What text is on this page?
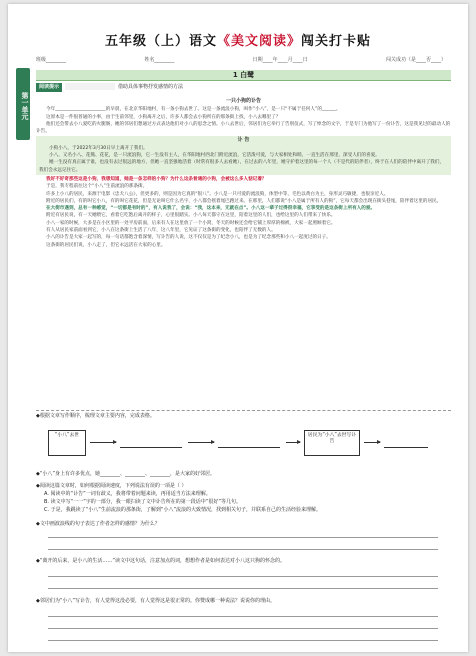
五年级（上）语文《美文阅读》闯关打卡贴
班级________	姓名________	日期____年____月____日	闯关成功（是____否____）
第一单元
1 白鹭
阅读提示	借助具体事物抒发感情的方法
一只小狗的讣告

今年______________________的早晨，在北京华阳地村，有一条小狗去世了。这是一条流浪小狗，叫作“小八”，是一只“不属于任何人”的______。

这原本是一件很普通的小事，由于生前邻里，小狗离开之后，许多人都会去小狗所在的那条街上找，小八去哪里了？

他们还会带去小八爱吃的火腿肠，她的邻居们想通过方式表达他们对小八的思念之情。小八去世后，邻居们为它举行了告别仪式，写了悼念的文字，于是专门为他写了一份讣告，这是我见过的最动人的讣告。

讣 告

小狗小八，于2022年3月30日早上离开了我们。

小八，又名小八、花熊、花花，是一只流浪狗，它一生没有主人，在华阳地村西北门附近流浪，它活泼可爱，与大家相处和睦，一直生活在那里，深受人们的喜爱。

她一生没有真正属于谁，也没有去过很远的地方，但她一直坚强地活着（时常有很多人去看她），在过去的八年里，她守护着这里的每一个人（不是代的陪伴者），终于在人们的陪伴中离开了我们，我们会永远记住它。

我好不好奇那些这是小狗，我想知道，她是一条怎样的小狗？为什么这条普通的小狗，会被这么多人惦记着？

于是，我专程前往这个“小八”生前流浪的那条街。

许多上小八的居民，来源于电影《忠犬八公》，但更多的，则是因为它真的“很八”。小八是一只可爱的流浪狗，体型中等，毛色以黄白为主，身形灵巧敏捷，也很亲近人。

附近的居民们，有的叫它小八，有的叫它花花，但是无论叫它什么名字，小八都会摇着尾巴跑过来。在那里，人们都说“小八是属于所有人的狗”，它每天都会出现在街头巷尾，陪伴着这里的居民。

在大街市遇到，总有一种感觉，“一切都是有时的”，有人说我了，会说：“我，这本来，无就在点”。小八这一辈子过得很幸福，它享受的是这条街上所有人的爱。

附近有居民说，有一天她喂它，看着它吃饱后离开的样子，心里很踏实。小八每天都守在这里，陪着这里的人们，也给这里的人们带来了快乐。

小八一家的时候，大多是在小区里的一处平房前面，后来有人在这里放了一个小窝，冬天的时候还会给它铺上厚厚的棉被，大家一起照顾着它。

有人从居民家前面看到它，小八在这条街上生活了八年，这八年里，它见证了这条街的变化，也陪伴了无数的人。

小八的讣告是大家一起写的，每一句话都饱含着深情，写讣告的人说，这不仅仅是为了纪念小八，也是为了纪念那些和小八一起度过的日子。

这条街的居民们说，小八走了，但它永远活在大家的心里。

◆根据文章写作顺序，梳理文章主要内容，完成表格。
“小八”去世	居民为“小八”去世写讣告
◆“小八”身上有许多优点，她________、________、________，是大家的好邻居。
◆阅读这篇文章时，如何根据阅读速度，下列说法有误的一项是（ ）
A. 阅读中的“讣告”一词有歧义，我将带着问题来读，再用适当方法来理解。
B. 读文中写“一一”字的一部分，我一眼扫读了文中讣告所在的第一段话中“很好”等几句。
C. 于是，我跳读了“小八”生前流浪的那条街，了解到“小八”流浪的大致情况，找到相关句子，并联系自己的生活经验来理解。
◆文中画波浪线的句子表达了作者怎样的感情？为什么？
◆“离开的后来，是小八的生活……”读文中这句话，注意加点的词，想想作者是如何表达对小八这只狗的怀念的。
◆邻居们为“小八”写讣告，有人觉得这没必要，有人觉得这是很正常的。你赞成哪一种说法？说说你的理由。
